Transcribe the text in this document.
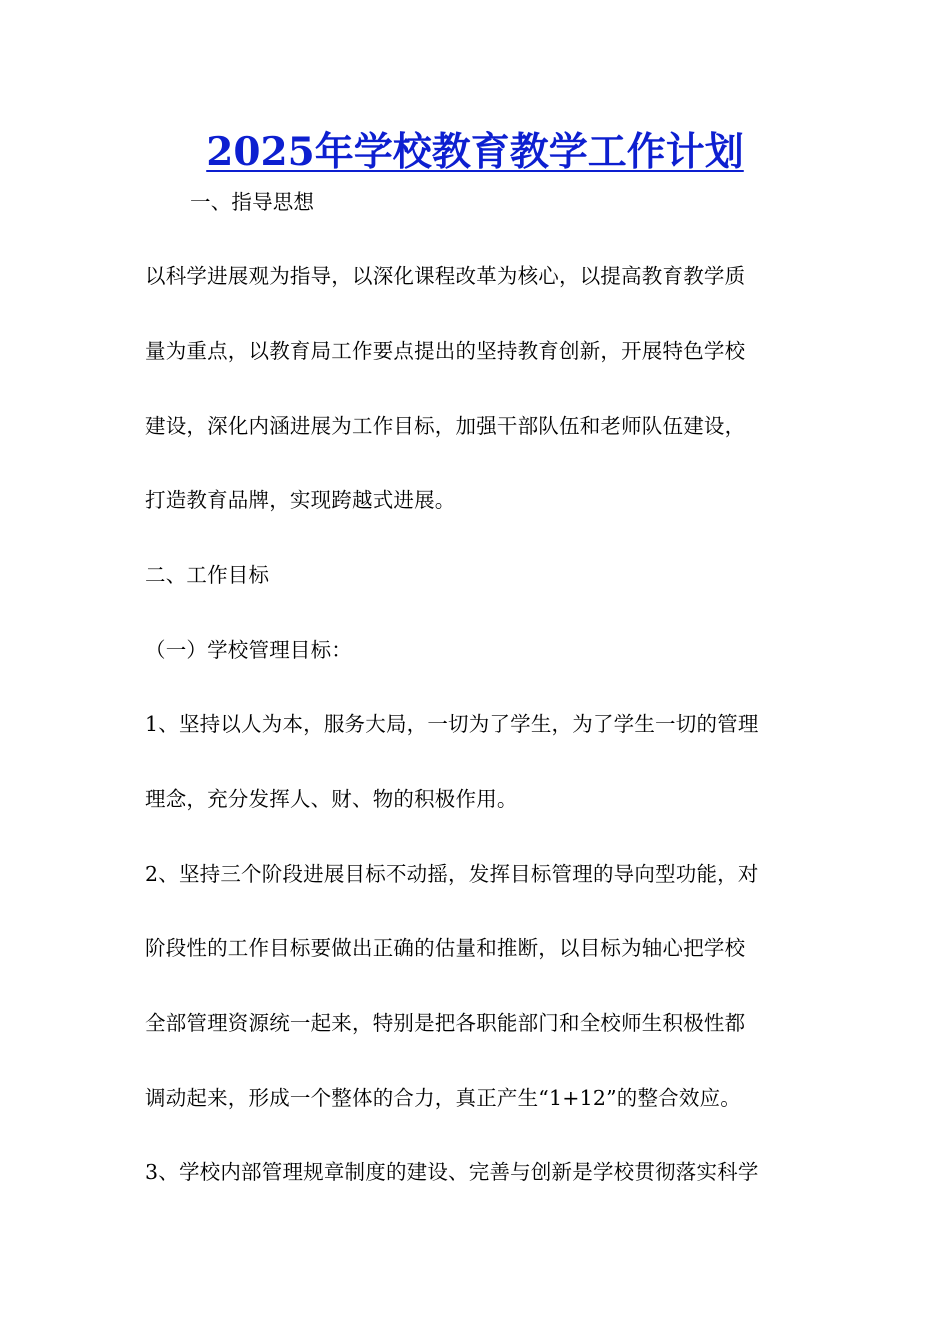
2025年学校教育教学工作计划
一、指导思想
以科学进展观为指导，以深化课程改革为核心，以提高教育教学质
量为重点，以教育局工作要点提出的坚持教育创新，开展特色学校
建设，深化内涵进展为工作目标，加强干部队伍和老师队伍建设，
打造教育品牌，实现跨越式进展。
二、工作目标
（一）学校管理目标：
1、坚持以人为本，服务大局，一切为了学生，为了学生一切的管理
理念，充分发挥人、财、物的积极作用。
2、坚持三个阶段进展目标不动摇，发挥目标管理的导向型功能，对
阶段性的工作目标要做出正确的估量和推断，以目标为轴心把学校
全部管理资源统一起来，特别是把各职能部门和全校师生积极性都
调动起来，形成一个整体的合力，真正产生“1+12”的整合效应。
3、学校内部管理规章制度的建设、完善与创新是学校贯彻落实科学
